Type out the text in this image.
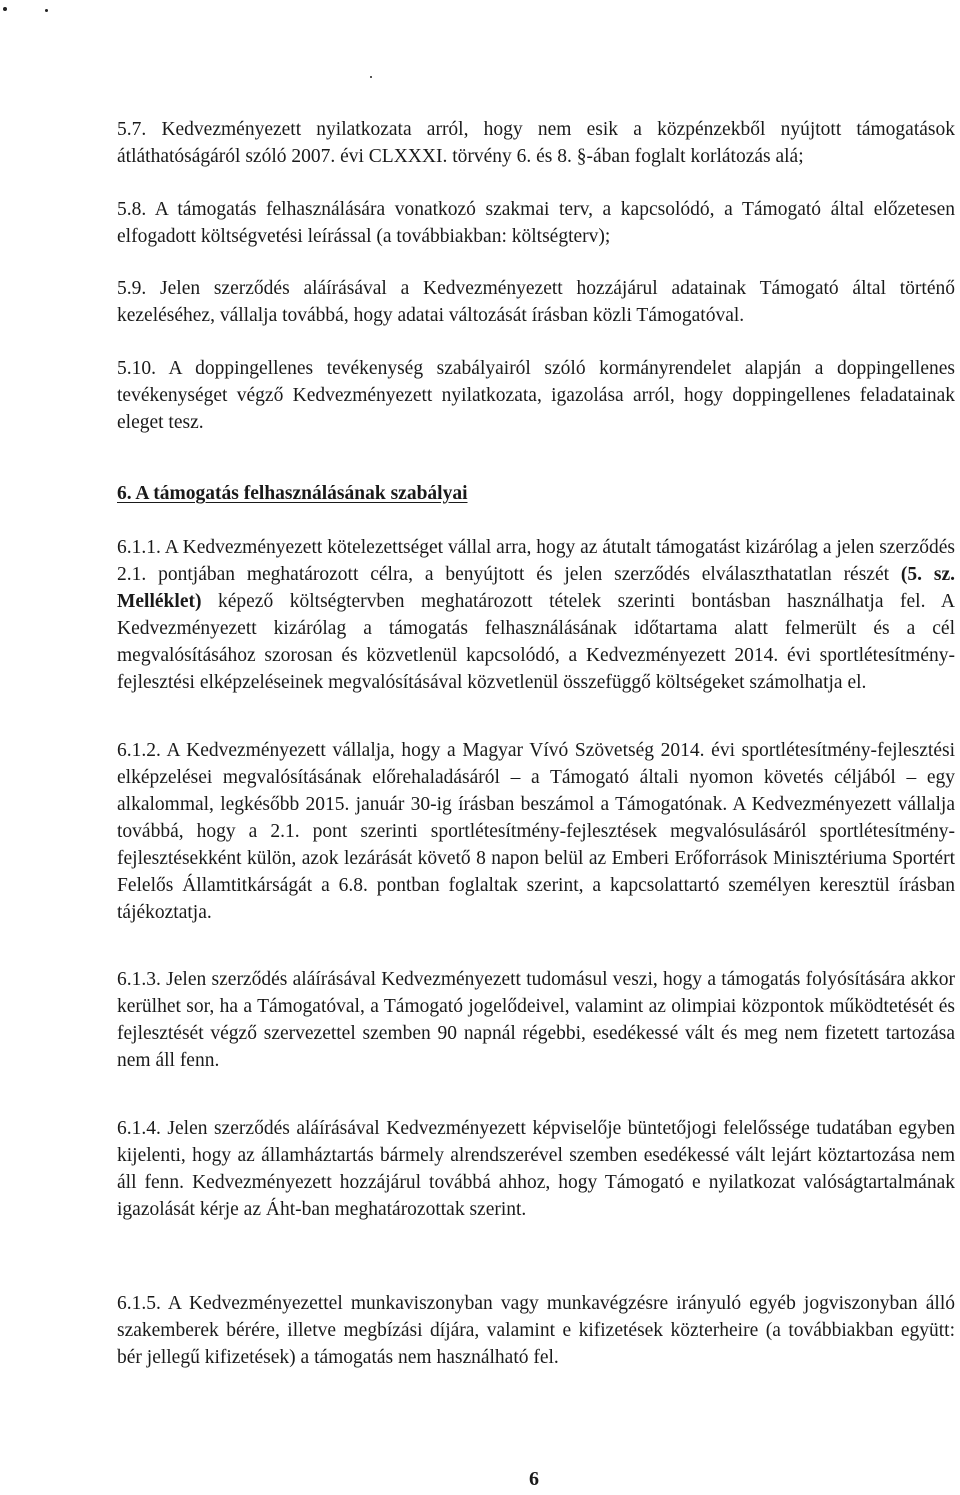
5.7. Kedvezményezett nyilatkozata arról, hogy nem esik a közpénzekből nyújtott támogatások átláthatóságáról szóló 2007. évi CLXXXI. törvény 6. és 8. §-ában foglalt korlátozás alá;

5.8. A támogatás felhasználására vonatkozó szakmai terv, a kapcsolódó, a Támogató által előzetesen elfogadott költségvetési leírással (a továbbiakban: költségterv);

5.9. Jelen szerződés aláírásával a Kedvezményezett hozzájárul adatainak Támogató által történő kezeléséhez, vállalja továbbá, hogy adatai változását írásban közli Támogatóval.

5.10. A doppingellenes tevékenység szabályairól szóló kormányrendelet alapján a doppingellenes tevékenységet végző Kedvezményezett nyilatkozata, igazolása arról, hogy doppingellenes feladatainak eleget tesz.

6. A támogatás felhasználásának szabályai

6.1.1. A Kedvezményezett kötelezettséget vállal arra, hogy az átutalt támogatást kizárólag a jelen szerződés 2.1. pontjában meghatározott célra, a benyújtott és jelen szerződés elválaszthatatlan részét (5. sz. Melléklet) képező költségtervben meghatározott tételek szerinti bontásban használhatja fel. A Kedvezményezett kizárólag a támogatás felhasználásának időtartama alatt felmerült és a cél megvalósításához szorosan és közvetlenül kapcsolódó, a Kedvezményezett 2014. évi sportlétesítmény-fejlesztési elképzeléseinek megvalósításával közvetlenül összefüggő költségeket számolhatja el.

6.1.2. A Kedvezményezett vállalja, hogy a Magyar Vívó Szövetség 2014. évi sportlétesítmény-fejlesztési elképzelései megvalósításának előrehaladásáról – a Támogató általi nyomon követés céljából – egy alkalommal, legkésőbb 2015. január 30-ig írásban beszámol a Támogatónak. A Kedvezményezett vállalja továbbá, hogy a 2.1. pont szerinti sportlétesítmény-fejlesztések megvalósulásáról sportlétesítmény-fejlesztésekként külön, azok lezárását követő 8 napon belül az Emberi Erőforrások Minisztériuma Sportért Felelős Államtitkárságát a 6.8. pontban foglaltak szerint, a kapcsolattartó személyen keresztül írásban tájékoztatja.

6.1.3. Jelen szerződés aláírásával Kedvezményezett tudomásul veszi, hogy a támogatás folyósítására akkor kerülhet sor, ha a Támogatóval, a Támogató jogelődeivel, valamint az olimpiai központok működtetését és fejlesztését végző szervezettel szemben 90 napnál régebbi, esedékessé vált és meg nem fizetett tartozása nem áll fenn.

6.1.4. Jelen szerződés aláírásával Kedvezményezett képviselője büntetőjogi felelőssége tudatában egyben kijelenti, hogy az államháztartás bármely alrendszerével szemben esedékessé vált lejárt köztartozása nem áll fenn. Kedvezményezett hozzájárul továbbá ahhoz, hogy Támogató e nyilatkozat valóságtartalmának igazolását kérje az Áht-ban meghatározottak szerint.

6.1.5. A Kedvezményezettel munkaviszonyban vagy munkavégzésre irányuló egyéb jogviszonyban álló szakemberek bérére, illetve megbízási díjára, valamint e kifizetések közterheire (a továbbiakban együtt: bér jellegű kifizetések) a támogatás nem használható fel.

6
